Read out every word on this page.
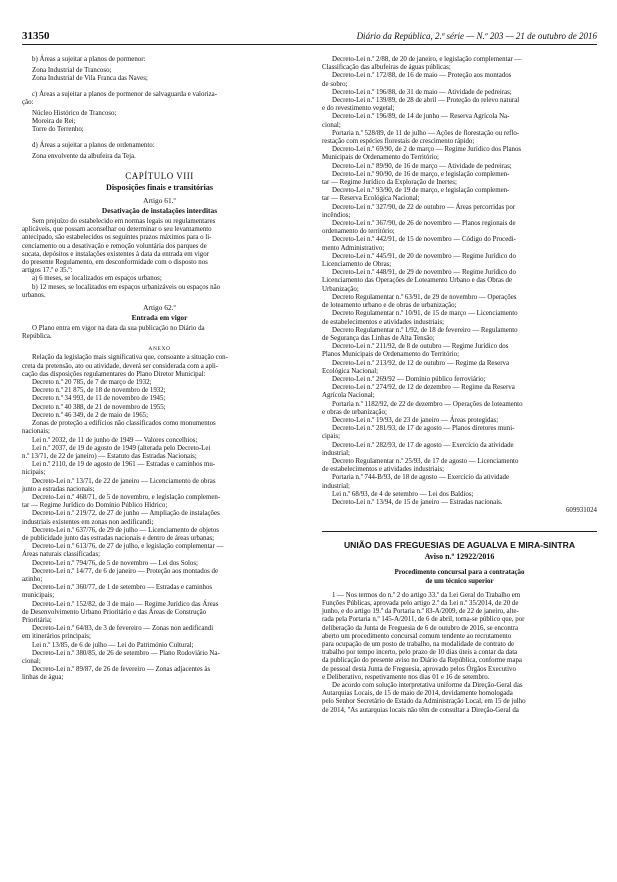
31350	Diário da República, 2.ª série — N.º 203 — 21 de outubro de 2016

b) Áreas a sujeitar a planos de pormenor:

Zona Industrial de Trancoso;

Zona Industrial de Vila Franca das Naves;

c) Áreas a sujeitar a planos de pormenor de salvaguarda e valoriza-

ção:

Núcleo Histórico de Trancoso;

Moreira de Rei;

Torre do Terrenho;

d) Áreas a sujeitar a planos de ordenamento:

Zona envolvente da albufeira da Teja.

CAPÍTULO VIII

Disposições finais e transitórias

Artigo 61.º

Desativação de instalações interditas

Sem prejuízo do estabelecido em normas legais ou regulamentares

aplicáveis, que possam aconselhar ou determinar o seu levantamento

antecipado, são estabelecidos os seguintes prazos máximos para o li-

cenciamento ou a desativação e remoção voluntária dos parques de

sucata, depósitos e instalações existentes à data da entrada em vigor

do presente Regulamento, em desconformidade com o disposto nos

artigos 17.º e 35.º:

a) 6 meses, se localizados em espaços urbanos;

b) 12 meses, se localizados em espaços urbanizáveis ou espaços não

urbanos.

Artigo 62.º

Entrada em vigor

O Plano entra em vigor na data da sua publicação no Diário da

República.

ANEXO

Relação da legislação mais significativa que, consoante a situação con-

creta da pretensão, ato ou atividade, deverá ser considerada com a apli-

cação das disposições regulamentares do Plano Diretor Municipal:

Decreto n.º 20 785, de 7 de março de 1932;

Decreto n.º 21 875, de 18 de novembro de 1932;

Decreto n.º 34 993, de 11 de novembro de 1945;

Decreto n.º 40 388, de 21 de novembro de 1955;

Decreto n.º 46 349, de 2 de maio de 1965;

Zonas de proteção a edifícios não classificados como monumentos

nacionais;

Lei n.º 2032, de 11 de junho de 1949 — Valores concelhios;

Lei n.º 2037, de 19 de agosto de 1949 (alterada pelo Decreto-Lei

n.º 13/71, de 22 de janeiro) — Estatuto das Estradas Nacionais;

Lei n.º 2110, de 19 de agosto de 1961 — Estradas e caminhos mu-

nicipais;

Decreto-Lei n.º 13/71, de 22 de janeiro — Licenciamento de obras

junto a estradas nacionais;

Decreto-Lei n.º 468/71, de 5 de novembro, e legislação complemen-

tar — Regime Jurídico do Domínio Público Hídrico;

Decreto-Lei n.º 219/72, de 27 de junho — Ampliação de instalações

industriais existentes em zonas non aedificandi;

Decreto-Lei n.º 637/76, de 29 de julho — Licenciamento de objetos

de publicidade junto das estradas nacionais e dentro de áreas urbanas;

Decreto-Lei n.º 613/76, de 27 de julho, e legislação complementar —

Áreas naturais classificadas;

Decreto-Lei n.º 794/76, de 5 de novembro — Lei dos Solos;

Decreto-Lei n.º 14/77, de 6 de janeiro — Proteção aos montados de

azinho;

Decreto-Lei n.º 360/77, de 1 de setembro — Estradas e caminhos

municipais;

Decreto-Lei n.º 152/82, de 3 de maio — Regime Jurídico das Áreas

de Desenvolvimento Urbano Prioritário e das Áreas de Construção

Prioritária;

Decreto-Lei n.º 64/83, de 3 de fevereiro — Zonas non aedificandi

em itinerários principais;

Lei n.º 13/85, de 6 de julho — Lei do Património Cultural;

Decreto-Lei n.º 380/85, de 26 de setembro — Plano Rodoviário Na-

cional;

Decreto-Lei n.º 89/87, de 26 de fevereiro — Zonas adjacentes às

linhas de água;

Decreto-Lei n.º 2/88, de 20 de janeiro, e legislação complementar —

Classificação das albufeiras de águas públicas;

Decreto-Lei n.º 172/88, de 16 de maio — Proteção aos montados

de sobro;

Decreto-Lei n.º 196/88, de 31 de maio — Atividade de pedreiras;

Decreto-Lei n.º 139/89, de 28 de abril — Proteção do relevo natural

e do revestimento vegetal;

Decreto-Lei n.º 196/89, de 14 de junho — Reserva Agrícola Na-

cional;

Portaria n.º 528/89, de 11 de julho — Ações de florestação ou reflo-

restação com espécies florestais de crescimento rápido;

Decreto-Lei n.º 69/90, de 2 de março — Regime Jurídico dos Planos

Municipais de Ordenamento do Território;

Decreto-Lei n.º 89/90, de 16 de março — Atividade de pedreiras;

Decreto-Lei n.º 90/90, de 16 de março, e legislação complemen-

tar — Regime Jurídico da Exploração de Inertes;

Decreto-Lei n.º 93/90, de 19 de março, e legislação complemen-

tar — Reserva Ecológica Nacional;

Decreto-Lei n.º 327/90, de 22 de outubro — Áreas percorridas por

incêndios;

Decreto-Lei n.º 367/90, de 26 de novembro — Planos regionais de

ordenamento do território;

Decreto-Lei n.º 442/91, de 15 de novembro — Código do Procedi-

mento Administrativo;

Decreto-Lei n.º 445/91, de 20 de novembro — Regime Jurídico do

Licenciamento de Obras;

Decreto-Lei n.º 448/91, de 29 de novembro — Regime Jurídico do

Licenciamento das Operações de Loteamento Urbano e das Obras de

Urbanização;

Decreto Regulamentar n.º 63/91, de 29 de novembro — Operações

de loteamento urbano e de obras de urbanização;

Decreto Regulamentar n.º 10/91, de 15 de março — Licenciamento

de estabelecimentos e atividades industriais;

Decreto Regulamentar n.º 1/92, de 18 de fevereiro — Regulamento

de Segurança das Linhas de Alta Tensão;

Decreto-Lei n.º 211/92, de 8 de outubro — Regime Jurídico dos

Planos Municipais de Ordenamento do Território;

Decreto-Lei n.º 213/92, de 12 de outubro — Regime da Reserva

Ecológica Nacional;

Decreto-Lei n.º 269/92 — Domínio público ferroviário;

Decreto-Lei n.º 274/92, de 12 de dezembro — Regime da Reserva

Agrícola Nacional;

Portaria n.º 1182/92, de 22 de dezembro — Operações de loteamento

e obras de urbanização;

Decreto-Lei n.º 19/93, de 23 de janeiro — Áreas protegidas;

Decreto-Lei n.º 281/93, de 17 de agosto — Planos diretores muni-

cipais;

Decreto-Lei n.º 282/93, de 17 de agosto — Exercício da atividade

industrial;

Decreto Regulamentar n.º 25/93, de 17 de agosto — Licenciamento

de estabelecimentos e atividades industriais;

Portaria n.º 744-B/93, de 18 de agosto — Exercício da atividade

industrial;

Lei n.º 68/93, de 4 de setembro — Lei dos Baldios;

Decreto-Lei n.º 13/94, de 15 de janeiro — Estradas nacionais.

609931024

UNIÃO DAS FREGUESIAS DE AGUALVA E MIRA-SINTRA

Aviso n.º 12922/2016

Procedimento concursal para a contratação

de um técnico superior

1 — Nos termos do n.º 2 do artigo 33.º da Lei Geral do Trabalho em

Funções Públicas, aprovada pelo artigo 2.º da Lei n.º 35/2014, de 20 de

junho, e do artigo 19.º da Portaria n.º 83-A/2009, de 22 de janeiro, alte-

rada pela Portaria n.º 145-A/2011, de 6 de abril, torna-se público que, por

deliberação da Junta de Freguesia de 6 de outubro de 2016, se encontra

aberto um procedimento concursal comum tendente ao recrutamento

para ocupação de um posto de trabalho, na modalidade de contrato de

trabalho por tempo incerto, pelo prazo de 10 dias úteis a contar da data

da publicação do presente aviso no Diário da República, conforme mapa

de pessoal desta Junta de Freguesia, aprovado pelos Órgãos Executivo

e Deliberativo, respetivamente nos dias 01 e 16 de setembro.

De acordo com solução interpretativa uniforme da Direção-Geral das

Autarquias Locais, de 15 de maio de 2014, devidamente homologada

pelo Senhor Secretário de Estado da Administração Local, em 15 de julho

de 2014, "As autarquias locais não têm de consultar a Direção-Geral da
